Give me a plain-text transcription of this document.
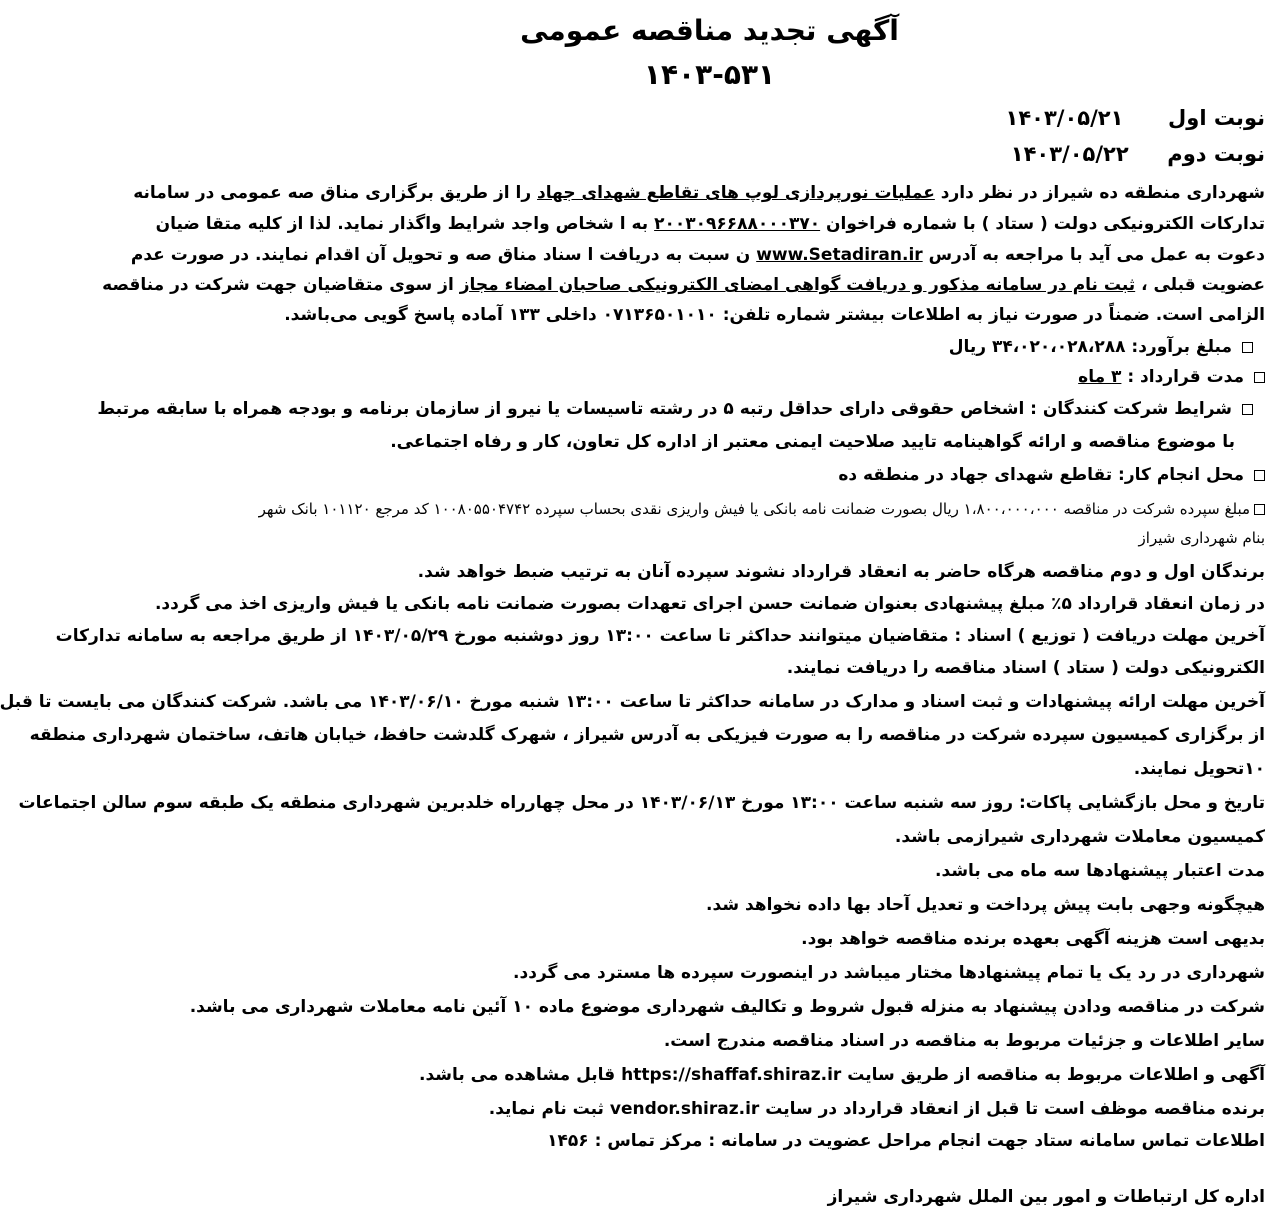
آگهی تجدید مناقصه عمومی
۱۴۰۳-۵۳۱
نوبت اول  ۱۴۰۳/۰۵/۲۱
نوبت دوم  ۱۴۰۳/۰۵/۲۲
شهرداری منطقه ده شیراز در نظر دارد عملیات نورپردازی لوپ های تقاطع شهدای جهاد را از طریق برگزاری مناق صه عمومی در سامانه
تدارکات الکترونیکی دولت ( ستاد ) با شماره فراخوان ۲۰۰۳۰۹۶۶۸۸۰۰۰۳۷۰ به ا شخاص واجد شرایط واگذار نماید. لذا از کلیه متقا ضیان
دعوت به عمل می آید با مراجعه به آدرس www.Setadiran.ir ن سبت به دریافت ا سناد مناق صه و تحویل آن اقدام نمایند. در صورت عدم
عضویت قبلی ، ثبت نام در سامانه مذکور و دریافت گواهی امضای الکترونیکی صاحبان امضاء مجاز از سوی متقاضیان جهت شرکت در مناقصه
الزامی است. ضمناً در صورت نیاز به اطلاعات بیشتر شماره تلفن: ۰۷۱۳۶۵۰۱۰۱۰ داخلی ۱۳۳ آماده پاسخ گویی می‌باشد.
مبلغ برآورد: ۳۴،۰۲۰،۰۲۸،۲۸۸ ریال
مدت قرارداد : ۳ ماه
شرایط شرکت کنندگان : اشخاص حقوقی دارای حداقل رتبه ۵ در رشته تاسیسات یا نیرو از سازمان برنامه و بودجه همراه با سابقه مرتبط
با موضوع مناقصه و ارائه گواهینامه تایید صلاحیت ایمنی معتبر از اداره کل تعاون، کار و رفاه اجتماعی.
محل انجام کار: تقاطع شهدای جهاد در منطقه ده
مبلغ سپرده شرکت در مناقصه ۱،۸۰۰،۰۰۰،۰۰۰ ریال بصورت ضمانت نامه بانکی یا فیش واریزی نقدی بحساب سپرده ۱۰۰۸۰۵۵۰۴۷۴۲ کد مرجع ۱۰۱۱۲۰ بانک شهر
بنام شهرداری شیراز
برندگان اول و دوم مناقصه هرگاه حاضر به انعقاد قرارداد نشوند سپرده آنان به ترتیب ضبط خواهد شد.
در زمان انعقاد قرارداد ۵٪ مبلغ پیشنهادی بعنوان ضمانت حسن اجرای تعهدات بصورت ضمانت نامه بانکی یا فیش واریزی اخذ می گردد.
آخرین مهلت دریافت ( توزیع ) اسناد : متقاضیان میتوانند حداکثر تا ساعت ۱۳:۰۰ روز دوشنبه مورخ ۱۴۰۳/۰۵/۲۹ از طریق مراجعه به سامانه تدارکات
الکترونیکی دولت ( ستاد ) اسناد مناقصه را دریافت نمایند.
آخرین مهلت ارائه پیشنهادات و ثبت اسناد و مدارک در سامانه حداکثر تا ساعت ۱۳:۰۰ شنبه مورخ ۱۴۰۳/۰۶/۱۰ می باشد. شرکت کنندگان می بایست تا قبل
از برگزاری کمیسیون سپرده شرکت در مناقصه را به صورت فیزیکی به آدرس شیراز ، شهرک گلدشت حافظ، خیابان هاتف، ساختمان شهرداری منطقه
۱۰تحویل نمایند.
تاریخ و محل بازگشایی پاکات: روز سه شنبه ساعت ۱۳:۰۰ مورخ ۱۴۰۳/۰۶/۱۳ در محل چهارراه خلدبرین شهرداری منطقه یک طبقه سوم سالن اجتماعات
کمیسیون معاملات شهرداری شیرازمی باشد.
مدت اعتبار پیشنهادها سه ماه می باشد.
هیچگونه وجهی بابت پیش پرداخت و تعدیل آحاد بها داده نخواهد شد.
بدیهی است هزینه آگهی بعهده برنده مناقصه خواهد بود.
شهرداری در رد یک یا تمام پیشنهادها مختار میباشد در اینصورت سپرده ها مسترد می گردد.
شرکت در مناقصه ودادن پیشنهاد به منزله قبول شروط و تکالیف شهرداری موضوع ماده ۱۰ آئین نامه معاملات شهرداری می باشد.
سایر اطلاعات و جزئیات مربوط به مناقصه در اسناد مناقصه مندرج است.
آگهی و اطلاعات مربوط به مناقصه از طریق سایت https://shaffaf.shiraz.ir قابل مشاهده می باشد.
برنده مناقصه موظف است تا قبل از انعقاد قرارداد در سایت vendor.shiraz.ir ثبت نام نماید.
اطلاعات تماس سامانه ستاد جهت انجام مراحل عضویت در سامانه : مرکز تماس : ۱۴۵۶
اداره کل ارتباطات و امور بین الملل شهرداری شیراز
